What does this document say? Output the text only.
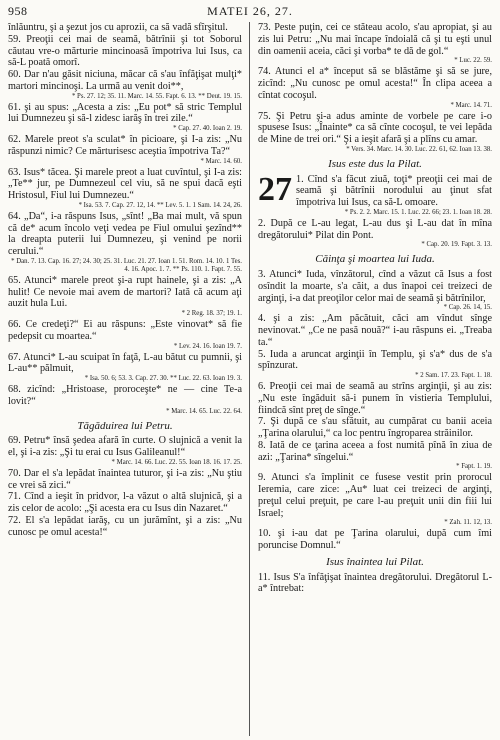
958	MATEI 26, 27.

înlăuntru, şi a şezut jos cu aprozii, ca să vadă sfîrşitul.

59. Preoţii cei mai de seamă, bătrînii şi tot Soborul căutau vre-o mărturie mincinoasă împotriva lui Isus, ca să-L poată omorî.

60. Dar n'au găsit niciuna, măcar că s'au înfăţişat mulţi* martori mincinoşi. La urmă au venit doi**,

* Ps. 27. 12; 35. 11. Marc. 14. 55. Fapt. 6. 13. ** Deut. 19. 15.

61. şi au spus: „Acesta a zis: „Eu pot* să stric Templul lui Dumnezeu şi să-l zidesc iarăş în trei zile.“

* Cap. 27. 40. Ioan 2. 19.

62. Marele preot s'a sculat* în picioare, şi I-a zis: „Nu răspunzi nimic? Ce mărturisesc aceştia împotriva Ta?“

* Marc. 14. 60.

63. Isus* tăcea. Şi marele preot a luat cuvîntul, şi I-a zis: „Te** jur, pe Dumnezeul cel viu, să ne spui dacă eşti Hristosul, Fiul lui Dumnezeu.“

* Isa. 53. 7. Cap. 27. 12, 14. ** Lev. 5. 1. 1 Sam. 14. 24, 26.

64. „Da“, i-a răspuns Isus, „sînt! „Ba mai mult, vă spun că de* acum încolo veţi vedea pe Fiul omului şezînd** la dreapta puterii lui Dumnezeu, şi venind pe norii cerului.“

* Dan. 7. 13. Cap. 16. 27; 24. 30; 25. 31. Luc. 21. 27. Ioan 1. 51. Rom. 14. 10. 1 Tes. 4. 16. Apoc. 1. 7. ** Ps. 110. 1. Fapt. 7. 55.

65. Atunci* marele preot şi-a rupt hainele, şi a zis: „A hulit! Ce nevoie mai avem de martori? Iată că acum aţi auzit hula Lui.

* 2 Reg. 18. 37; 19. 1.

66. Ce credeţi?“ Ei au răspuns: „Este vinovat* să fie pedepsit cu moartea.“

* Lev. 24. 16. Ioan 19. 7.

67. Atunci* L-au scuipat în faţă, L-au bătut cu pumnii, şi L-au** pălmuit,

* Isa. 50. 6; 53. 3. Cap. 27. 30. ** Luc. 22. 63. Ioan 19. 3.

68. zicînd: „Hristoase, proroceşte* ne — cine Te-a lovit?“

* Marc. 14. 65. Luc. 22. 64.

Tăgăduirea lui Petru.

69. Petru* însă şedea afară în curte. O slujnică a venit la el, şi i-a zis: „Şi tu erai cu Isus Galileanul!“

* Marc. 14. 66. Luc. 22. 55. Ioan 18. 16. 17. 25.

70. Dar el s'a lepădat înaintea tuturor, şi i-a zis: „Nu ştiu ce vrei să zici.“

71. Cînd a ieşit în pridvor, l-a văzut o altă slujnică, şi a zis celor de acolo: „Şi acesta era cu Isus din Nazaret.“

72. El s'a lepădat iarăş, cu un jurămînt, şi a zis: „Nu cunosc pe omul acesta!“

73. Peste puţin, cei ce stăteau acolo, s'au apropiat, şi au zis lui Petru: „Nu mai încape îndoială că şi tu eşti unul din oamenii aceia, căci şi vorba* te dă de gol.“

* Luc. 22. 59.

74. Atunci el a* început să se blăstăme şi să se jure, zicînd: „Nu cunosc pe omul acesta!“ În clipa aceea a cîntat cocoşul.

* Marc. 14. 71.

75. Şi Petru şi-a adus aminte de vorbele pe care i-o spusese Isus: „Înainte* ca să cînte cocoşul, te vei lepăda de Mine de trei ori.“ Şi a ieşit afară şi a plîns cu amar.

* Vers. 34. Marc. 14. 30. Luc. 22. 61, 62. Ioan 13. 38.

Isus este dus la Pilat.

27 1. Cînd s'a făcut ziuă, toţi* preoţii cei mai de seamă şi bătrînii norodului au ţinut sfat împotriva lui Isus, ca să-L omoare.

* Ps. 2. 2. Marc. 15. 1. Luc. 22. 66; 23. 1. Ioan 18. 28.

2. După ce L-au legat, L-au dus şi L-au dat în mîna dregătorului* Pilat din Pont.

* Cap. 20. 19. Fapt. 3. 13.

Căinţa şi moartea lui Iuda.

3. Atunci* Iuda, vînzătorul, cînd a văzut că Isus a fost osîndit la moarte, s'a căit, a dus înapoi cei treizeci de arginţi, i-a dat preoţilor celor mai de seamă şi bătrînilor,

* Cap. 26. 14, 15.

4. şi a zis: „Am păcătuit, căci am vîndut sînge nevinovat.“ „Ce ne pasă nouă?“ i-au răspuns ei. „Treaba ta.“

5. Iuda a aruncat arginţii în Templu, şi s'a* dus de s'a spînzurat.

* 2 Sam. 17. 23. Fapt. 1. 18.

6. Preoţii cei mai de seamă au strîns arginţii, şi au zis: „Nu este îngăduit să-i punem în vistieria Templului, fiindcă sînt preţ de sînge.“

7. Şi după ce s'au sfătuit, au cumpărat cu banii aceia „Ţarina olarului,“ ca loc pentru îngroparea străinilor.

8. Iată de ce ţarina aceea a fost numită pînă în ziua de azi: „Ţarina* sîngelui.“

* Fapt. 1. 19.

9. Atunci s'a împlinit ce fusese vestit prin prorocul Ieremia, care zice: „Au* luat cei treizeci de arginţi, preţul celui preţuit, pe care l-au preţuit unii din fiii lui Israel;

* Zah. 11. 12, 13.

10. şi i-au dat pe Ţarina olarului, după cum îmi poruncise Domnul.“

Isus înaintea lui Pilat.

11. Isus S'a înfăţişat înaintea dregătorului. Dregătorul L-a* întrebat:
